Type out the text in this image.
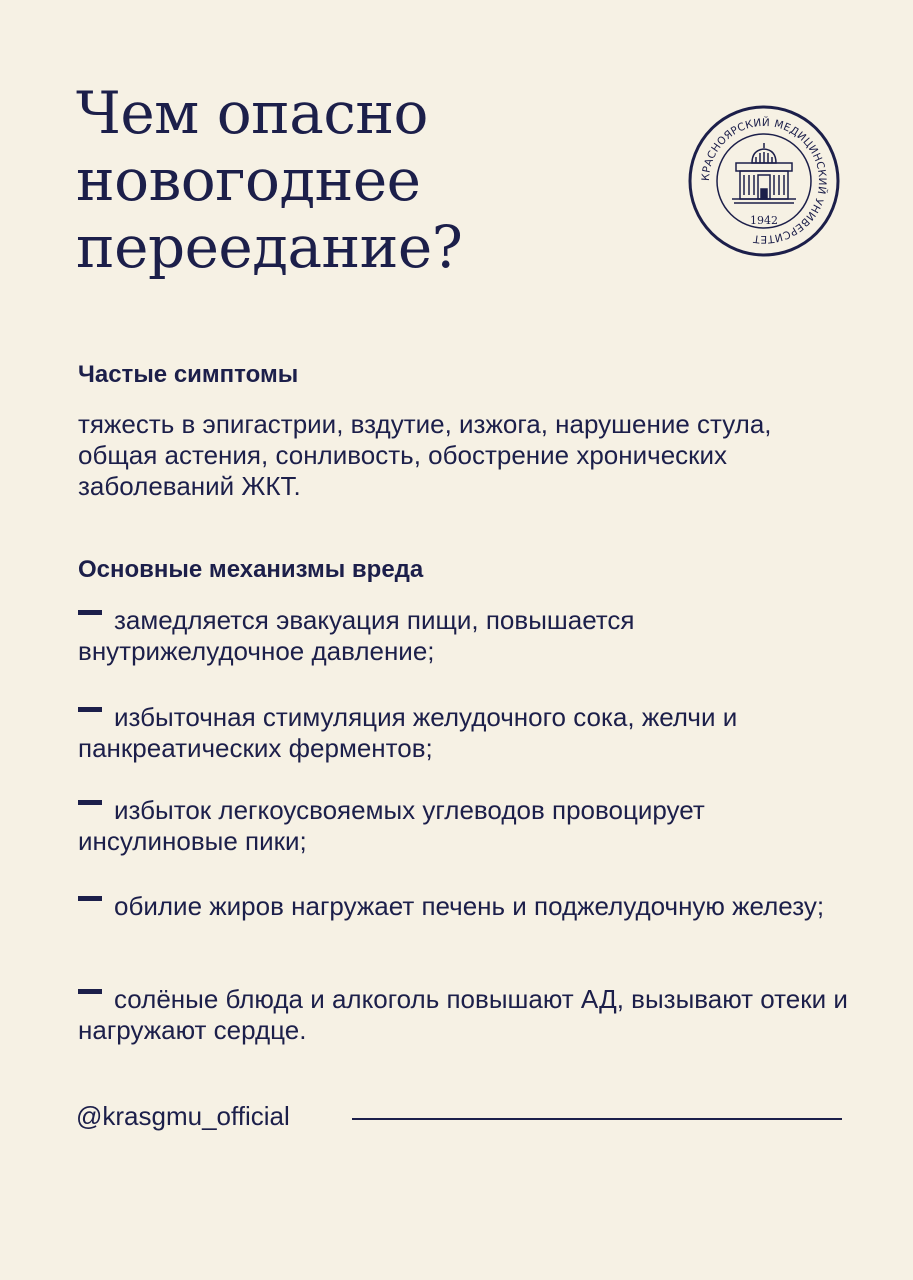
Чем опасно
новогоднее
переедание?
КРАСНОЯРСКИЙ МЕДИЦИНСКИЙ УНИВЕРСИТЕТ
1942
Частые симптомы
тяжесть в эпигастрии, вздутие, изжога, нарушение стула, общая астения, сонливость, обострение хронических заболеваний ЖКТ.
Основные механизмы вреда
замедляется эвакуация пищи, повышается внутрижелудочное давление;
избыточная стимуляция желудочного сока, желчи и панкреатических ферментов;
избыток легкоусвояемых углеводов провоцирует инсулиновые пики;
обилие жиров нагружает печень и поджелудочную железу;
солёные блюда и алкоголь повышают АД, вызывают отеки и нагружают сердце.
@krasgmu_official
